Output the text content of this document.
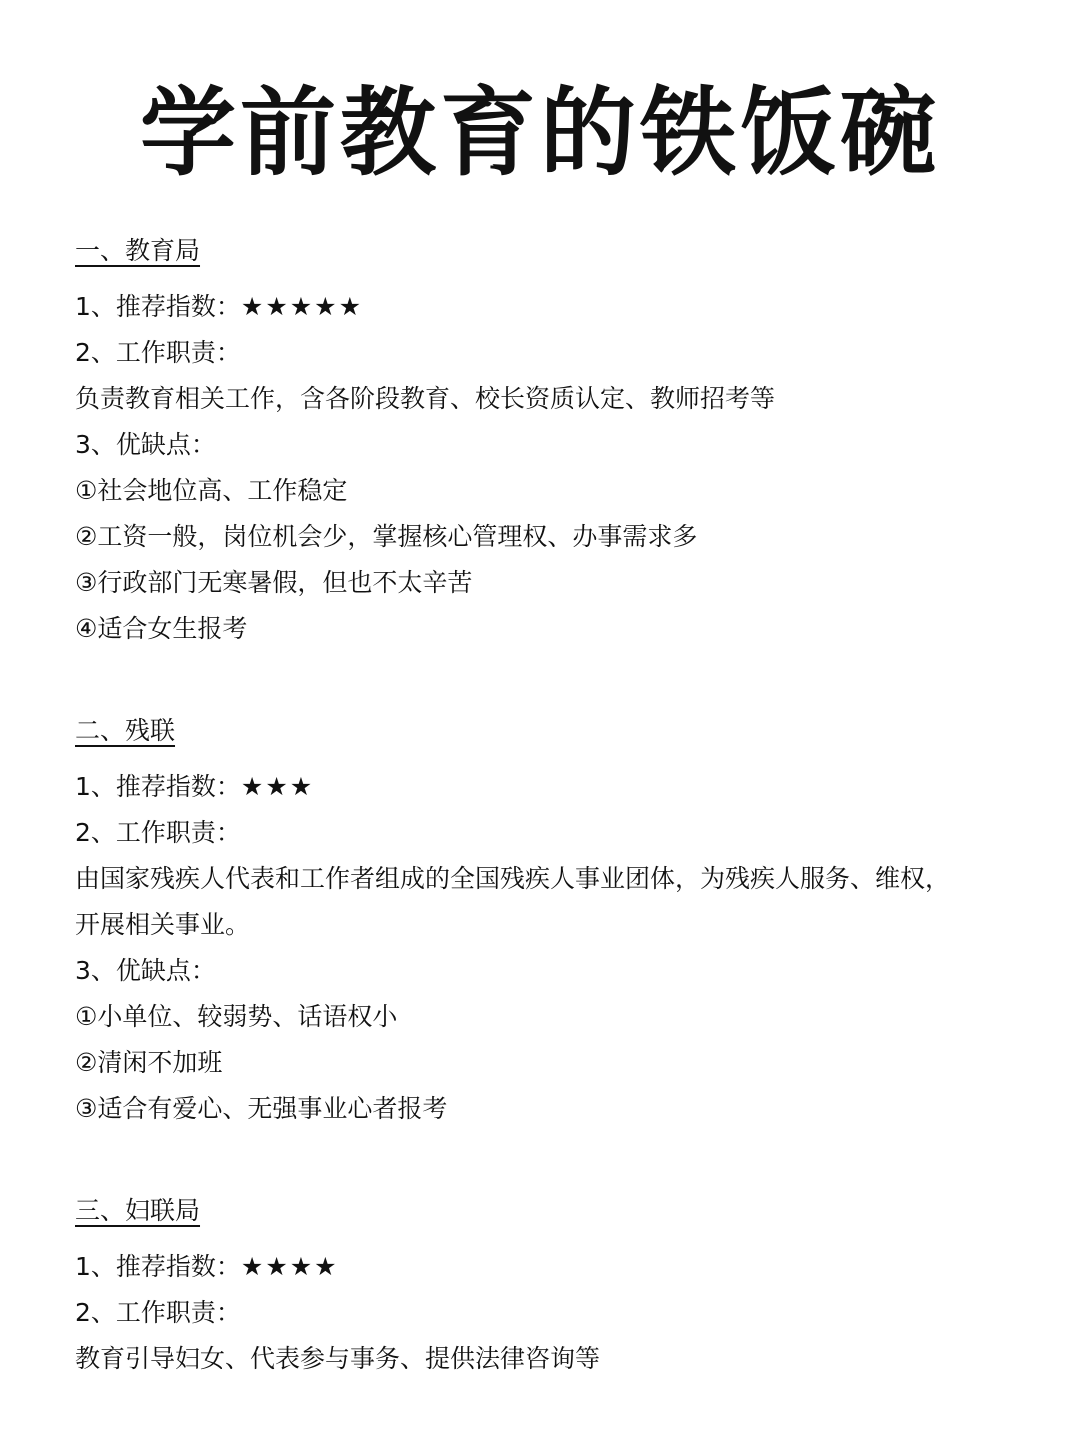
学前教育的铁饭碗
一、教育局
1、推荐指数：★★★★★
2、工作职责：
负责教育相关工作，含各阶段教育、校长资质认定、教师招考等
3、优缺点：
①社会地位高、工作稳定
②工资一般，岗位机会少，掌握核心管理权、办事需求多
③行政部门无寒暑假，但也不太辛苦
④适合女生报考
二、残联
1、推荐指数：★★★
2、工作职责：
由国家残疾人代表和工作者组成的全国残疾人事业团体，为残疾人服务、维权，
开展相关事业。
3、优缺点：
①小单位、较弱势、话语权小
②清闲不加班
③适合有爱心、无强事业心者报考
三、妇联局
1、推荐指数：★★★★
2、工作职责：
教育引导妇女、代表参与事务、提供法律咨询等
